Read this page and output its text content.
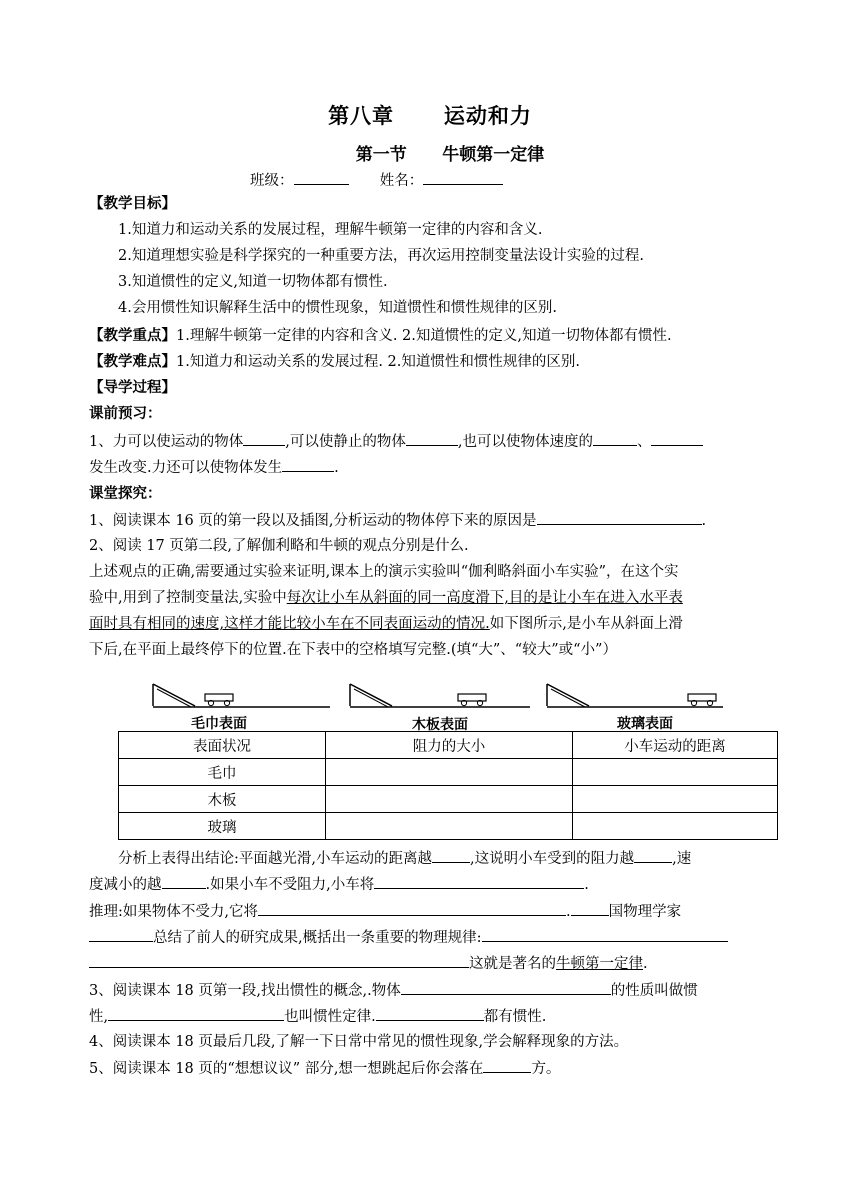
第八章      运动和力
第一节      牛顿第一定律
班级：	姓名：
【教学目标】
1.知道力和运动关系的发展过程，理解牛顿第一定律的内容和含义.
2.知道理想实验是科学探究的一种重要方法，再次运用控制变量法设计实验的过程.
3.知道惯性的定义,知道一切物体都有惯性.
4.会用惯性知识解释生活中的惯性现象，知道惯性和惯性规律的区别.
【教学重点】1.理解牛顿第一定律的内容和含义. 2.知道惯性的定义,知道一切物体都有惯性.
【教学难点】1.知道力和运动关系的发展过程. 2.知道惯性和惯性规律的区别.
【导学过程】
课前预习：
1、力可以使运动的物体	,可以使静止的物体	,也可以使物体速度的	、
发生改变.力还可以使物体发生	.
课堂探究：
1、阅读课本 16 页的第一段以及插图,分析运动的物体停下来的原因是	.
2、阅读 17 页第二段,了解伽利略和牛顿的观点分别是什么.
上述观点的正确,需要通过实验来证明,课本上的演示实验叫“伽利略斜面小车实验”，在这个实
验中,用到了控制变量法,实验中每次让小车从斜面的同一高度滑下,目的是让小车在进入水平表
面时具有相同的速度,这样才能比较小车在不同表面运动的情况.如下图所示,是小车从斜面上滑
下后,在平面上最终停下的位置.在下表中的空格填写完整.(填“大”、“较大”或“小”）
毛巾表面	木板表面	玻璃表面
表面状况	阻力的大小	小车运动的距离
毛巾		
木板		
玻璃		
分析上表得出结论:平面越光滑,小车运动的距离越	,这说明小车受到的阻力越	,速
度减小的越	.如果小车不受阻力,小车将	.
推理:如果物体不受力,它将	.	国物理学家
总结了前人的研究成果,概括出一条重要的物理规律:
这就是著名的牛顿第一定律.
3、阅读课本 18 页第一段,找出惯性的概念,.物体	的性质叫做惯
性,	也叫惯性定律.	都有惯性.
4、阅读课本 18 页最后几段,了解一下日常中常见的惯性现象,学会解释现象的方法。
5、阅读课本 18 页的“想想议议” 部分,想一想跳起后你会落在	方。
